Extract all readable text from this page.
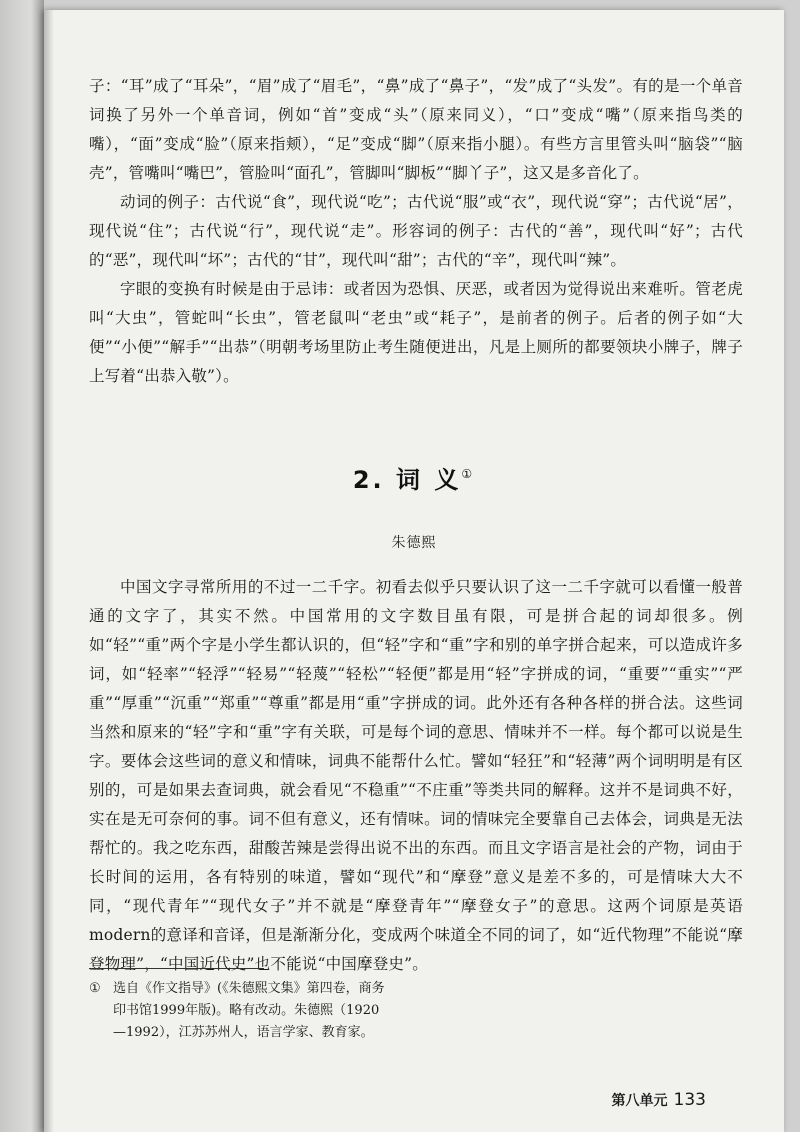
子：“耳”成了“耳朵”，“眉”成了“眉毛”，“鼻”成了“鼻子”，“发”成了“头发”。有的是一个单音词换了另外一个单音词，例如“首”变成“头”（原来同义），“口”变成“嘴”（原来指鸟类的嘴），“面”变成“脸”（原来指颊），“足”变成“脚”（原来指小腿）。有些方言里管头叫“脑袋”“脑壳”，管嘴叫“嘴巴”，管脸叫“面孔”，管脚叫“脚板”“脚丫子”，这又是多音化了。

动词的例子：古代说“食”，现代说“吃”；古代说“服”或“衣”，现代说“穿”；古代说“居”，现代说“住”；古代说“行”，现代说“走”。形容词的例子：古代的“善”，现代叫“好”；古代的“恶”，现代叫“坏”；古代的“甘”，现代叫“甜”；古代的“辛”，现代叫“辣”。

字眼的变换有时候是由于忌讳：或者因为恐惧、厌恶，或者因为觉得说出来难听。管老虎叫“大虫”，管蛇叫“长虫”，管老鼠叫“老虫”或“耗子”，是前者的例子。后者的例子如“大便”“小便”“解手”“出恭”（明朝考场里防止考生随便进出，凡是上厕所的都要领块小牌子，牌子上写着“出恭入敬”）。

2. 词 义①
朱德熙

中国文字寻常所用的不过一二千字。初看去似乎只要认识了这一二千字就可以看懂一般普通的文字了，其实不然。中国常用的文字数目虽有限，可是拼合起的词却很多。例如“轻”“重”两个字是小学生都认识的，但“轻”字和“重”字和别的单字拼合起来，可以造成许多词，如“轻率”“轻浮”“轻易”“轻蔑”“轻松”“轻便”都是用“轻”字拼成的词，“重要”“重实”“严重”“厚重”“沉重”“郑重”“尊重”都是用“重”字拼成的词。此外还有各种各样的拼合法。这些词当然和原来的“轻”字和“重”字有关联，可是每个词的意思、情味并不一样。每个都可以说是生字。要体会这些词的意义和情味，词典不能帮什么忙。譬如“轻狂”和“轻薄”两个词明明是有区别的，可是如果去查词典，就会看见“不稳重”“不庄重”等类共同的解释。这并不是词典不好，实在是无可奈何的事。词不但有意义，还有情味。词的情味完全要靠自己去体会，词典是无法帮忙的。我之吃东西，甜酸苦辣是尝得出说不出的东西。而且文字语言是社会的产物，词由于长时间的运用，各有特别的味道，譬如“现代”和“摩登”意义是差不多的，可是情味大大不同，“现代青年”“现代女子”并不就是“摩登青年”“摩登女子”的意思。这两个词原是英语modern的意译和音译，但是渐渐分化，变成两个味道全不同的词了，如“近代物理”不能说“摩登物理”，“中国近代史”也不能说“中国摩登史”。

① 选自《作文指导》(《朱德熙文集》第四卷，商务印书馆1999年版)。略有改动。朱德熙（1920—1992），江苏苏州人，语言学家、教育家。
第八单元 133
